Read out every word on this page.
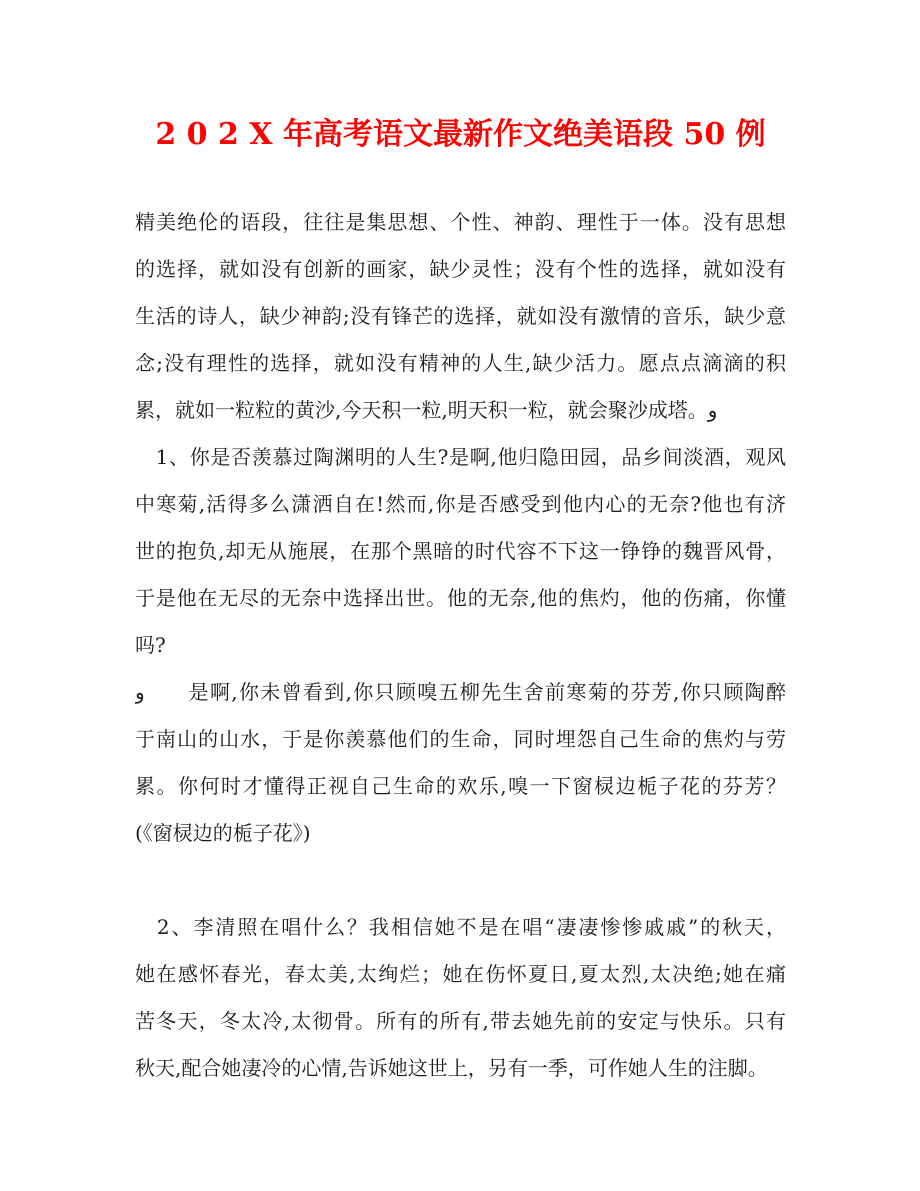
2 0 2 X 年高考语文最新作文绝美语段 50 例
精美绝伦的语段，往往是集思想、个性、神韵、理性于一体。没有思想
的选择，就如没有创新的画家，缺少灵性；没有个性的选择，就如没有
生活的诗人，缺少神韵;没有锋芒的选择，就如没有激情的音乐，缺少意
念;没有理性的选择，就如没有精神的人生,缺少活力。愿点点滴滴的积
累，就如一粒粒的黄沙,今天积一粒,明天积一粒，就会聚沙成塔。و
　1、你是否羡慕过陶渊明的人生?是啊,他归隐田园，品乡间淡酒，观风
中寒菊,活得多么潇洒自在!然而,你是否感受到他内心的无奈?他也有济
世的抱负,却无从施展，在那个黑暗的时代容不下这一铮铮的魏晋风骨，
于是他在无尽的无奈中选择出世。他的无奈,他的焦灼，他的伤痛，你懂
吗?
و　　是啊,你未曾看到,你只顾嗅五柳先生舍前寒菊的芬芳,你只顾陶醉
于南山的山水，于是你羡慕他们的生命，同时埋怨自己生命的焦灼与劳
累。你何时才懂得正视自己生命的欢乐,嗅一下窗棂边栀子花的芬芳？
(《窗棂边的栀子花》)
　2、李清照在唱什么？我相信她不是在唱“凄凄惨惨戚戚”的秋天，
她在感怀春光，春太美,太绚烂；她在伤怀夏日,夏太烈,太决绝;她在痛
苦冬天，冬太冷,太彻骨。所有的所有,带去她先前的安定与快乐。只有
秋天,配合她凄冷的心情,告诉她这世上，另有一季，可作她人生的注脚。
